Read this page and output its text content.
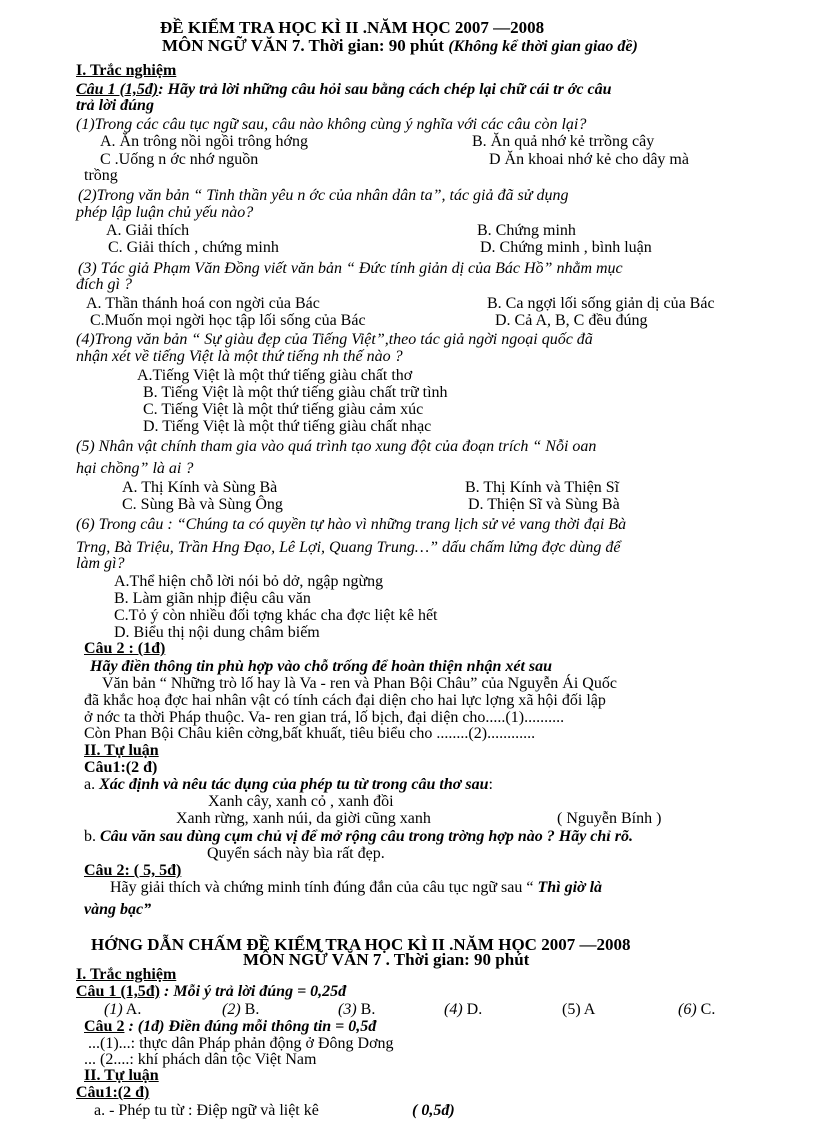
ĐỀ KIỂM TRA HỌC KÌ II .NĂM HỌC 2007 —2008
MÔN NGỮ VĂN 7. Thời gian: 90 phút (Không kể thời gian giao đề)
I. Trắc nghiệm
Câu 1 (1,5đ): Hãy trả lời những câu hỏi sau bằng cách chép lại chữ cái tr ớc câu
trả lời đúng
(1)Trong các câu tục ngữ sau, câu nào không cùng ý nghĩa với các câu còn lại?
A. Ăn trông nồi ngồi trông hớng	B. Ăn quả nhớ kẻ trrồng cây
C .Uống n ớc nhớ nguồn	D Ăn khoai nhớ kẻ cho dây mà
trồng
(2)Trong văn bản “ Tinh thần yêu n ớc của nhân dân ta”, tác giả đã sử dụng
phép lập luận chủ yếu nào?
A. Giải thích	B. Chứng minh
C. Giải thích , chứng minh	D. Chứng minh , bình luận
(3) Tác giả Phạm Văn Đồng viết văn bản “ Đức tính giản dị của Bác Hồ” nhằm mục
đích gì ?
A. Thần thánh hoá con ngời của Bác	B. Ca ngợi lối sống giản dị của Bác
C.Muốn mọi ngời học tập lối sống của Bác	D. Cả A, B, C đều đúng
(4)Trong văn bản “ Sự giàu đẹp của Tiếng Việt”,theo tác giả ngời ngoại quốc đã
nhận xét về tiếng Việt là một thứ tiếng nh thế nào ?
A.Tiếng Việt là một thứ tiếng giàu chất thơ
B. Tiếng Việt là một thứ tiếng giàu chất trữ tình
C. Tiếng Việt là một thứ tiếng giàu cảm xúc
D. Tiếng Việt là một thứ tiếng giàu chất nhạc
(5) Nhân vật chính tham gia vào quá trình tạo xung đột của đoạn trích “ Nỗi oan
hại chồng” là ai ?
A. Thị Kính và Sùng Bà	B. Thị Kính và Thiện Sĩ
C. Sùng Bà và Sùng Ông	D. Thiện Sĩ và Sùng Bà
(6) Trong câu : “Chúng ta có quyền tự hào vì những trang lịch sử vẻ vang thời đại Bà
Trng, Bà Triệu, Trần Hng Đạo, Lê Lợi, Quang Trung…” dấu chấm lửng đợc dùng để
làm gì?
A.Thể hiện chỗ lời nói bỏ dở, ngập ngừng
B. Làm giãn nhịp điệu câu văn
C.Tỏ ý còn nhiều đối tợng khác cha đợc liệt kê hết
D. Biểu thị nội dung châm biếm
Câu 2 : (1đ)
Hãy điền thông tin phù hợp vào chỗ trống để hoàn thiện nhận xét sau
Văn bản “ Những trò lố hay là Va - ren và Phan Bội Châu” của Nguyễn Ái Quốc
đã khắc hoạ đợc hai nhân vật có tính cách đại diện cho hai lực lợng xã hội đối lập
ở nớc ta thời Pháp thuộc. Va- ren gian trá, lố bịch, đại diện cho.....(1)..........
Còn Phan Bội Châu kiên cờng,bất khuất, tiêu biểu cho ........(2)............
II. Tự luận
Câu1:(2 đ)
a. Xác định và nêu tác dụng của phép tu từ trong câu thơ sau:
Xanh cây, xanh cỏ , xanh đồi
Xanh rừng, xanh núi, da giời cũng xanh	( Nguyễn Bính )
b. Câu văn sau dùng cụm chủ vị để mở rộng câu trong trờng hợp nào ? Hãy chỉ rõ.
Quyển sách này bìa rất đẹp.
Câu 2: ( 5, 5đ)
Hãy giải thích và chứng minh tính đúng đắn của câu tục ngữ sau “ Thì giờ là
vàng bạc”
HỚNG DẪN CHẤM ĐỀ KIỂM TRA HỌC KÌ II .NĂM HỌC 2007 —2008
MÔN NGỮ VĂN 7 . Thời gian: 90 phút
I. Trắc nghiệm
Câu 1 (1,5đ) : Mỗi ý trả lời đúng = 0,25đ
(1) A.	(2) B.	(3) B.	(4) D.	(5) A	(6) C.
Câu 2 : (1đ) Điền đúng mỗi thông tin = 0,5đ
...(1)...: thực dân Pháp phản động ở Đông Dơng
... (2....: khí phách dân tộc Việt Nam
II. Tự luận
Câu1:(2 đ)
a. - Phép tu từ : Điệp ngữ và liệt kê	( 0,5đ)
